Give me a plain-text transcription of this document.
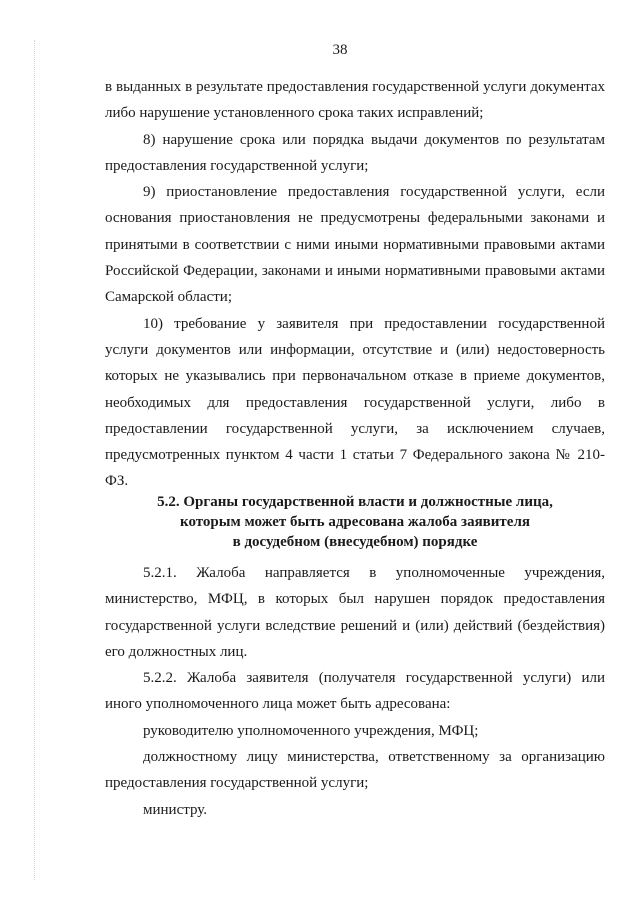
38

в выданных в результате предоставления государственной услуги документах либо нарушение установленного срока таких исправлений;

8) нарушение срока или порядка выдачи документов по результатам предоставления государственной услуги;

9) приостановление предоставления государственной услуги, если основания приостановления не предусмотрены федеральными законами и принятыми в соответствии с ними иными нормативными правовыми актами Российской Федерации, законами и иными нормативными правовыми актами Самарской области;

10) требование у заявителя при предоставлении государственной услуги документов или информации, отсутствие и (или) недостоверность которых не указывались при первоначальном отказе в приеме документов, необходимых для предоставления государственной услуги, либо в предоставлении государственной услуги, за исключением случаев, предусмотренных пунктом 4 части 1 статьи 7 Федерального закона № 210-ФЗ.

5.2. Органы государственной власти и должностные лица,
которым может быть адресована жалоба заявителя
в досудебном (внесудебном) порядке

5.2.1. Жалоба направляется в уполномоченные учреждения, министерство, МФЦ, в которых был нарушен порядок предоставления государственной услуги вследствие решений и (или) действий (бездействия) его должностных лиц.

5.2.2. Жалоба заявителя (получателя государственной услуги) или иного уполномоченного лица может быть адресована:

руководителю уполномоченного учреждения, МФЦ;

должностному лицу министерства, ответственному за организацию предоставления государственной услуги;

министру.
